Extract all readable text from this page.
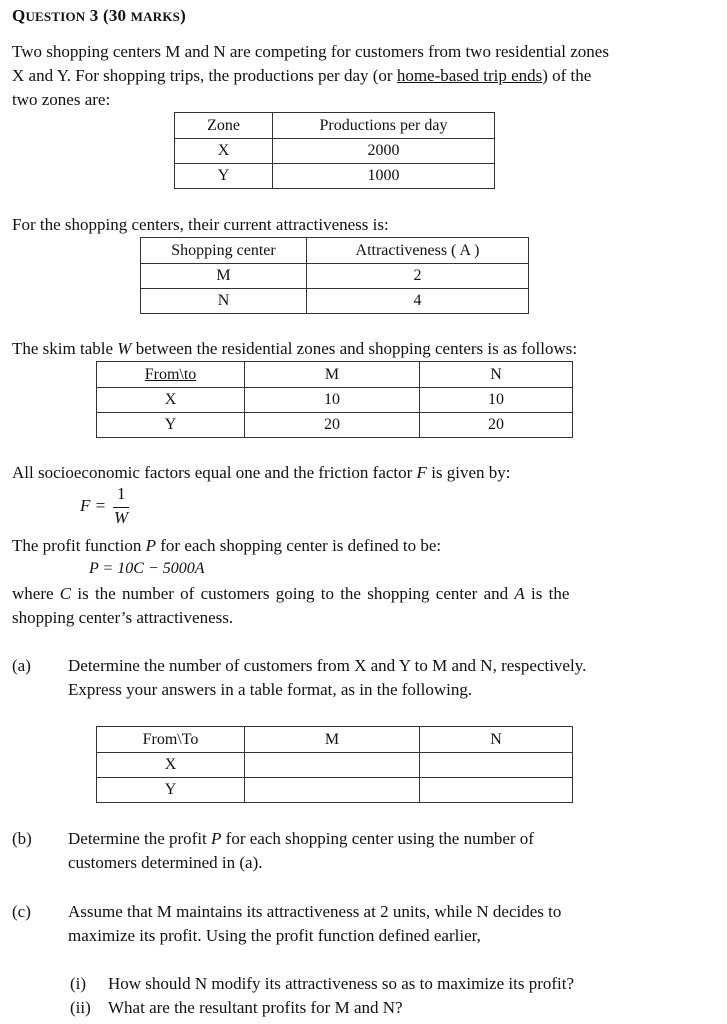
QUESTION 3 (30 MARKS)
Two shopping centers M and N are competing for customers from two residential zones
X and Y. For shopping trips, the productions per day (or home-based trip ends) of the
two zones are:
Zone	Productions per day
X	2000
Y	1000
For the shopping centers, their current attractiveness is:
Shopping center	Attractiveness ( A )
M	2
N	4
The skim table W between the residential zones and shopping centers is as follows:
From\to	M	N
X	10	10
Y	20	20
All socioeconomic factors equal one and the friction factor F is given by:
F =
1
W
The profit function P for each shopping center is defined to be:
P = 10C − 5000A
where C is the number of customers going to the shopping center and A is the
shopping center’s attractiveness.
(a) Determine the number of customers from X and Y to M and N, respectively.
Express your answers in a table format, as in the following.
From\To	M	N
X		
Y		
(b) Determine the profit P for each shopping center using the number of
customers determined in (a).
(c) Assume that M maintains its attractiveness at 2 units, while N decides to
maximize its profit. Using the profit function defined earlier,
(i) How should N modify its attractiveness so as to maximize its profit?
(ii) What are the resultant profits for M and N?
